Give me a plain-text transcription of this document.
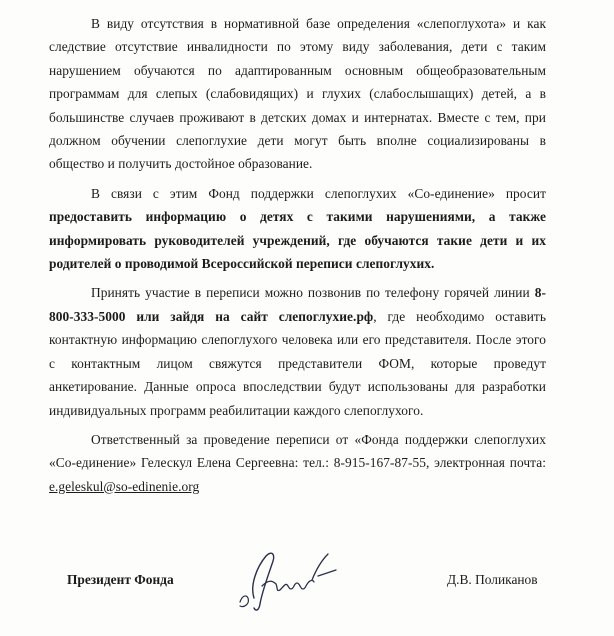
В виду отсутствия в нормативной базе определения «слепоглухота» и как следствие отсутствие инвалидности по этому виду заболевания, дети с таким нарушением обучаются по адаптированным основным общеобразовательным программам для слепых (слабовидящих) и глухих (слабослышащих) детей, а в большинстве случаев проживают в детских домах и интернатах. Вместе с тем, при должном обучении слепоглухие дети могут быть вполне социализированы в общество и получить достойное образование.

В связи с этим Фонд поддержки слепоглухих «Со-единение» просит предоставить информацию о детях с такими нарушениями, а также информировать руководителей учреждений, где обучаются такие дети и их родителей о проводимой Всероссийской переписи слепоглухих.

Принять участие в переписи можно позвонив по телефону горячей линии 8-800-333-5000 или зайдя на сайт слепоглухие.рф, где необходимо оставить контактную информацию слепоглухого человека или его представителя. После этого с контактным лицом свяжутся представители ФОМ, которые проведут анкетирование. Данные опроса впоследствии будут использованы для разработки индивидуальных программ реабилитации каждого слепоглухого.

Ответственный за проведение переписи от «Фонда поддержки слепоглухих «Со-единение» Гелескул Елена Сергеевна: тел.: 8-915-167-87-55, электронная почта: e.geleskul@so-edinenie.org

Президент Фонда	Д.В. Поликанов
